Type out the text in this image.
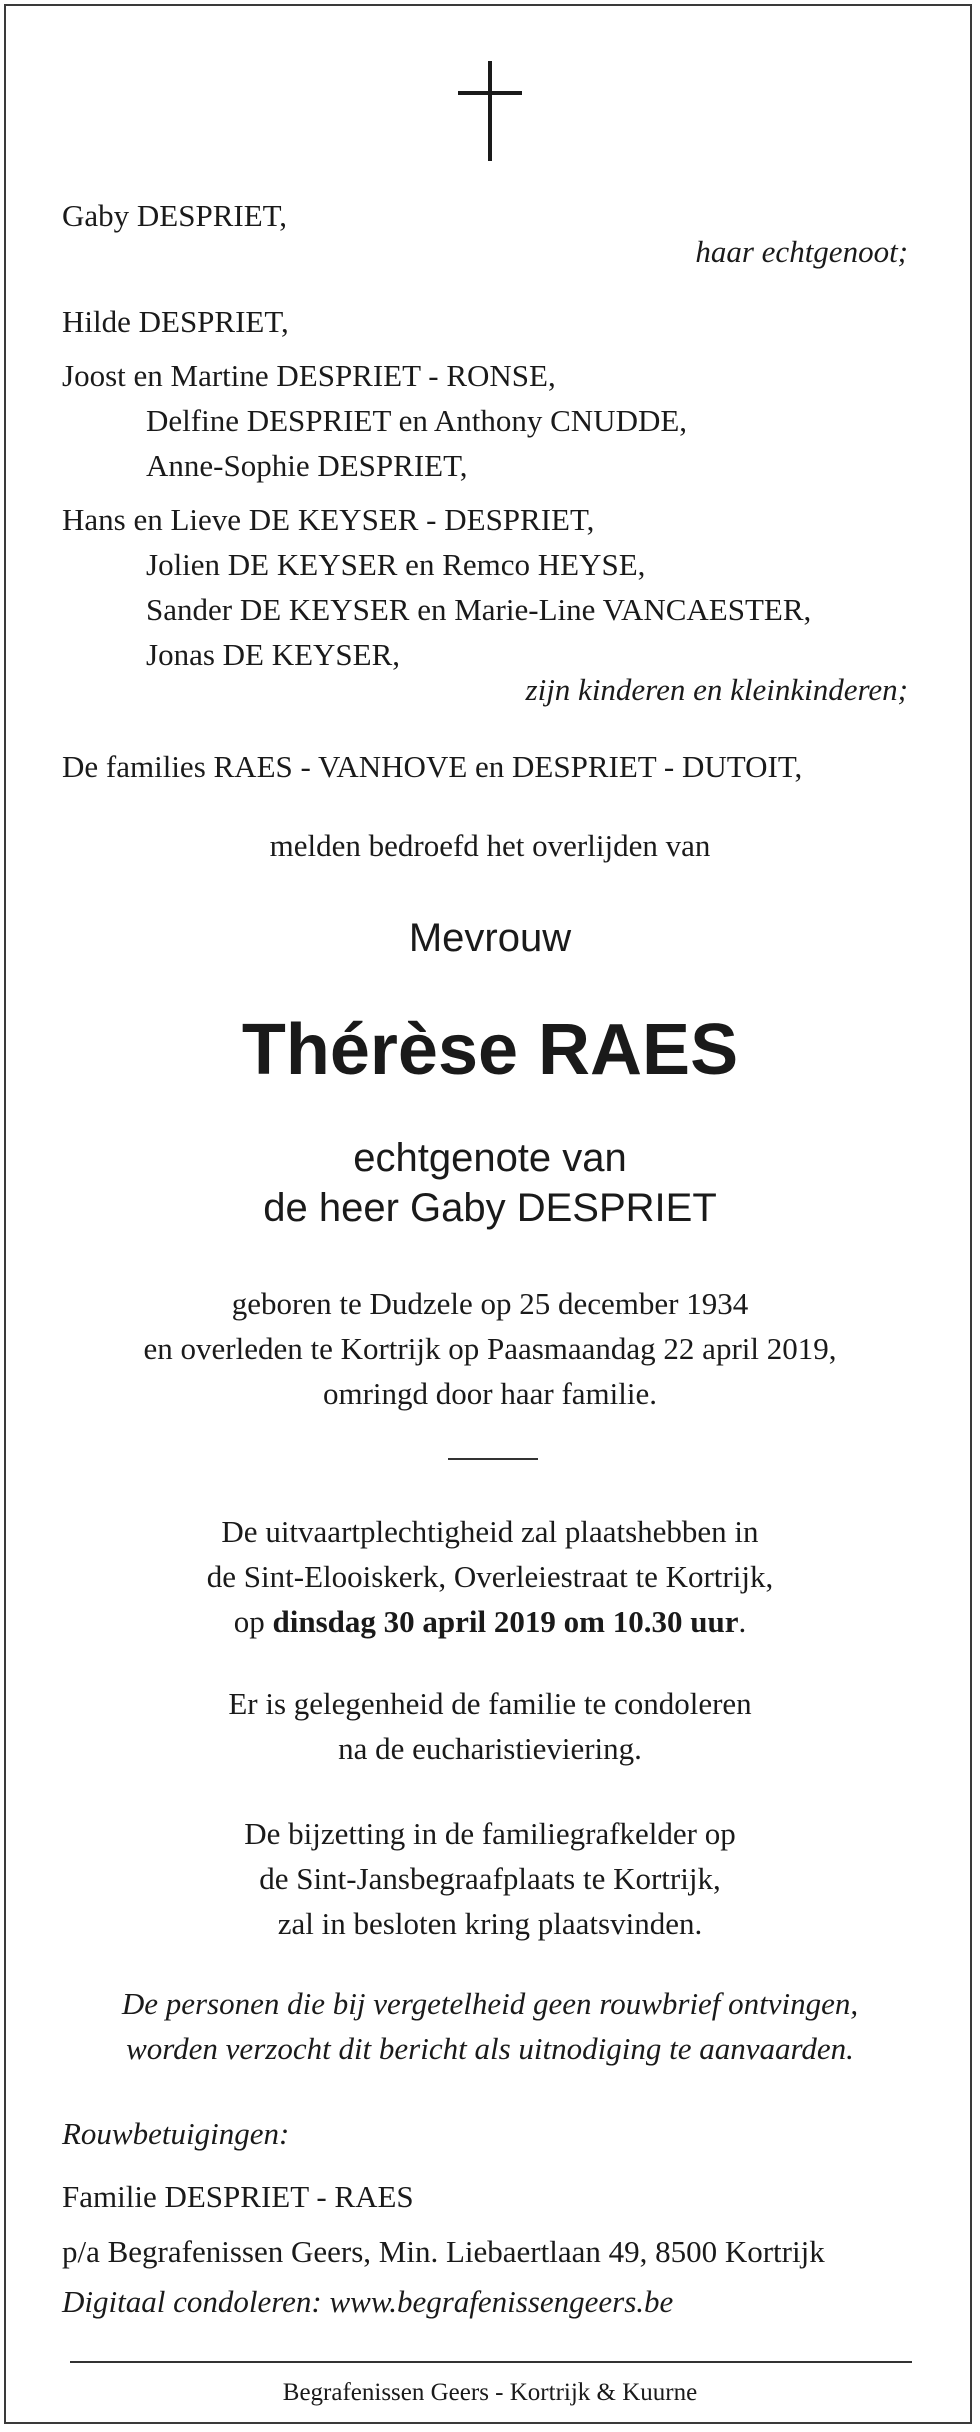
Gaby DESPRIET,
haar echtgenoot;
Hilde DESPRIET,
Joost en Martine DESPRIET - RONSE,
Delfine DESPRIET en Anthony CNUDDE,
Anne-Sophie DESPRIET,
Hans en Lieve DE KEYSER - DESPRIET,
Jolien DE KEYSER en Remco HEYSE,
Sander DE KEYSER en Marie-Line VANCAESTER,
Jonas DE KEYSER,
zijn kinderen en kleinkinderen;
De families RAES - VANHOVE en DESPRIET - DUTOIT,
melden bedroefd het overlijden van
Mevrouw
Thérèse RAES
echtgenote van
de heer Gaby DESPRIET
geboren te Dudzele op 25 december 1934
en overleden te Kortrijk op Paasmaandag 22 april 2019,
omringd door haar familie.
De uitvaartplechtigheid zal plaatshebben in
de Sint-Elooiskerk, Overleiestraat te Kortrijk,
op dinsdag 30 april 2019 om 10.30 uur.
Er is gelegenheid de familie te condoleren
na de eucharistieviering.
De bijzetting in de familiegrafkelder op
de Sint-Jansbegraafplaats te Kortrijk,
zal in besloten kring plaatsvinden.
De personen die bij vergetelheid geen rouwbrief ontvingen,
worden verzocht dit bericht als uitnodiging te aanvaarden.
Rouwbetuigingen:
Familie DESPRIET - RAES
p/a Begrafenissen Geers, Min. Liebaertlaan 49, 8500 Kortrijk
Digitaal condoleren: www.begrafenissengeers.be
Begrafenissen Geers - Kortrijk & Kuurne
